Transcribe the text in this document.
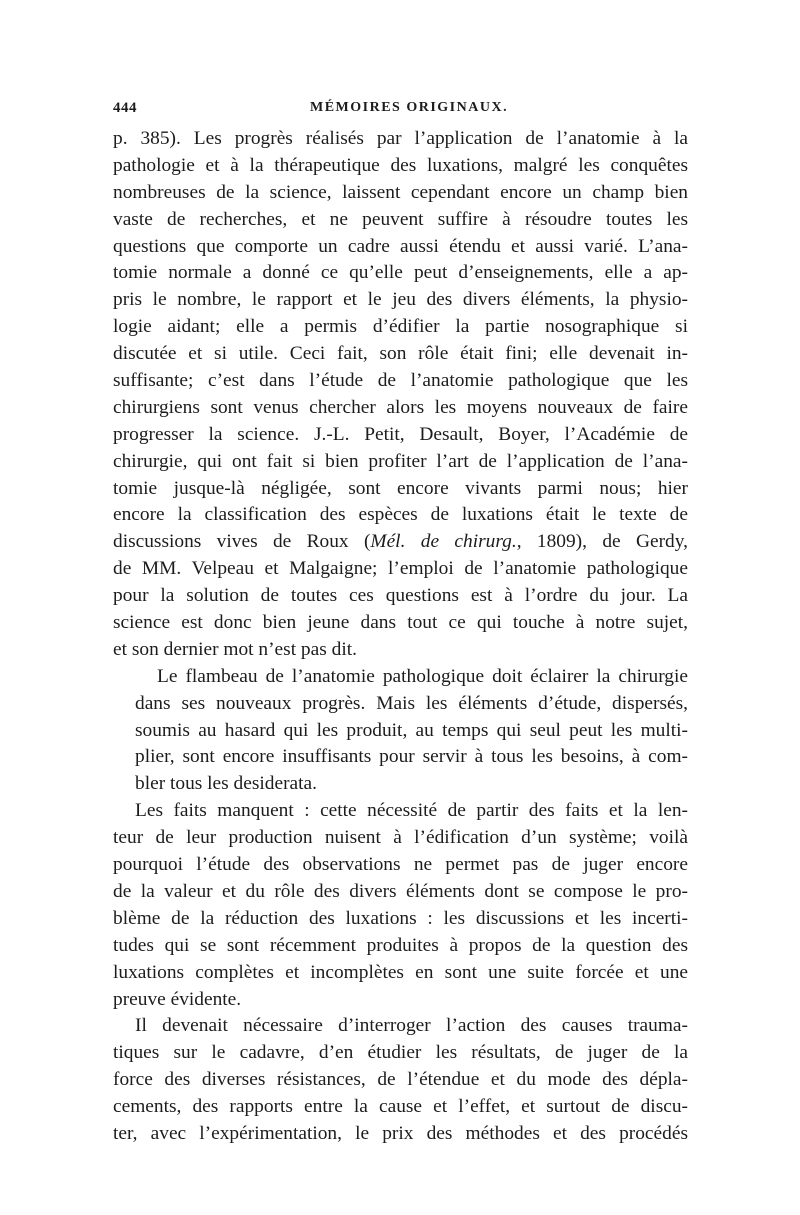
444	MÉMOIRES ORIGINAUX.

p. 385). Les progrès réalisés par l’application de l’anatomie à la
pathologie et à la thérapeutique des luxations, malgré les conquêtes
nombreuses de la science, laissent cependant encore un champ bien
vaste de recherches, et ne peuvent suffire à résoudre toutes les
questions que comporte un cadre aussi étendu et aussi varié. L’ana-
tomie normale a donné ce qu’elle peut d’enseignements, elle a ap-
pris le nombre, le rapport et le jeu des divers éléments, la physio-
logie aidant; elle a permis d’édifier la partie nosographique si
discutée et si utile. Ceci fait, son rôle était fini; elle devenait in-
suffisante; c’est dans l’étude de l’anatomie pathologique que les
chirurgiens sont venus chercher alors les moyens nouveaux de faire
progresser la science. J.-L. Petit, Desault, Boyer, l’Académie de
chirurgie, qui ont fait si bien profiter l’art de l’application de l’ana-
tomie jusque-là négligée, sont encore vivants parmi nous; hier
encore la classification des espèces de luxations était le texte de
discussions vives de Roux (Mél. de chirurg., 1809), de Gerdy,
de MM. Velpeau et Malgaigne; l’emploi de l’anatomie pathologique
pour la solution de toutes ces questions est à l’ordre du jour. La
science est donc bien jeune dans tout ce qui touche à notre sujet,
et son dernier mot n’est pas dit.

Le flambeau de l’anatomie pathologique doit éclairer la chirurgie
dans ses nouveaux progrès. Mais les éléments d’étude, dispersés,
soumis au hasard qui les produit, au temps qui seul peut les multi-
plier, sont encore insuffisants pour servir à tous les besoins, à com-
bler tous les desiderata.

Les faits manquent : cette nécessité de partir des faits et la len-
teur de leur production nuisent à l’édification d’un système; voilà
pourquoi l’étude des observations ne permet pas de juger encore
de la valeur et du rôle des divers éléments dont se compose le pro-
blème de la réduction des luxations : les discussions et les incerti-
tudes qui se sont récemment produites à propos de la question des
luxations complètes et incomplètes en sont une suite forcée et une
preuve évidente.

Il devenait nécessaire d’interroger l’action des causes trauma-
tiques sur le cadavre, d’en étudier les résultats, de juger de la
force des diverses résistances, de l’étendue et du mode des dépla-
cements, des rapports entre la cause et l’effet, et surtout de discu-
ter, avec l’expérimentation, le prix des méthodes et des procédés
